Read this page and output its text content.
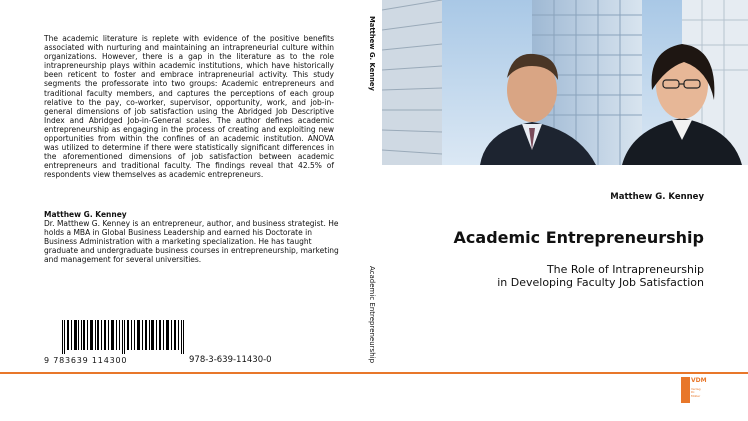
The academic literature is replete with evidence of the positive benefits associated with nurturing and maintaining an intrapreneurial culture within organizations. However, there is a gap in the literature as to the role intrapreneurship plays within academic institutions, which have historically been reticent to foster and embrace intrapreneurial activity. This study segments the professorate into two groups: Academic entrepreneurs and traditional faculty members, and captures the perceptions of each group relative to the pay, co-worker, supervisor, opportunity, work, and job-in-general dimensions of job satisfaction using the Abridged Job Descriptive Index and Abridged Job-in-General scales. The author defines academic entrepreneurship as engaging in the process of creating and exploiting new opportunities from within the confines of an academic institution. ANOVA was utilized to determine if there were statistically significant differences in the aforementioned dimensions of job satisfaction between academic entrepreneurs and traditional faculty. The findings reveal that 42.5% of respondents view themselves as academic entrepreneurs.

Matthew G. Kenney

Dr. Matthew G. Kenney is an entrepreneur, author, and business strategist. He holds a MBA in Global Business Leadership and earned his Doctorate in Business Administration with a marketing specialization. He has taught graduate and undergraduate business courses in entrepreneurship, marketing and management for several universities.

9 783639 114300	978-3-639-11430-0
Matthew G. Kenney
Academic Entrepreneurship
Matthew G. Kenney
Academic Entrepreneurship
The Role of Intrapreneurship
in Developing Faculty Job Satisfaction
VDM
Verlag Dr. Müller
